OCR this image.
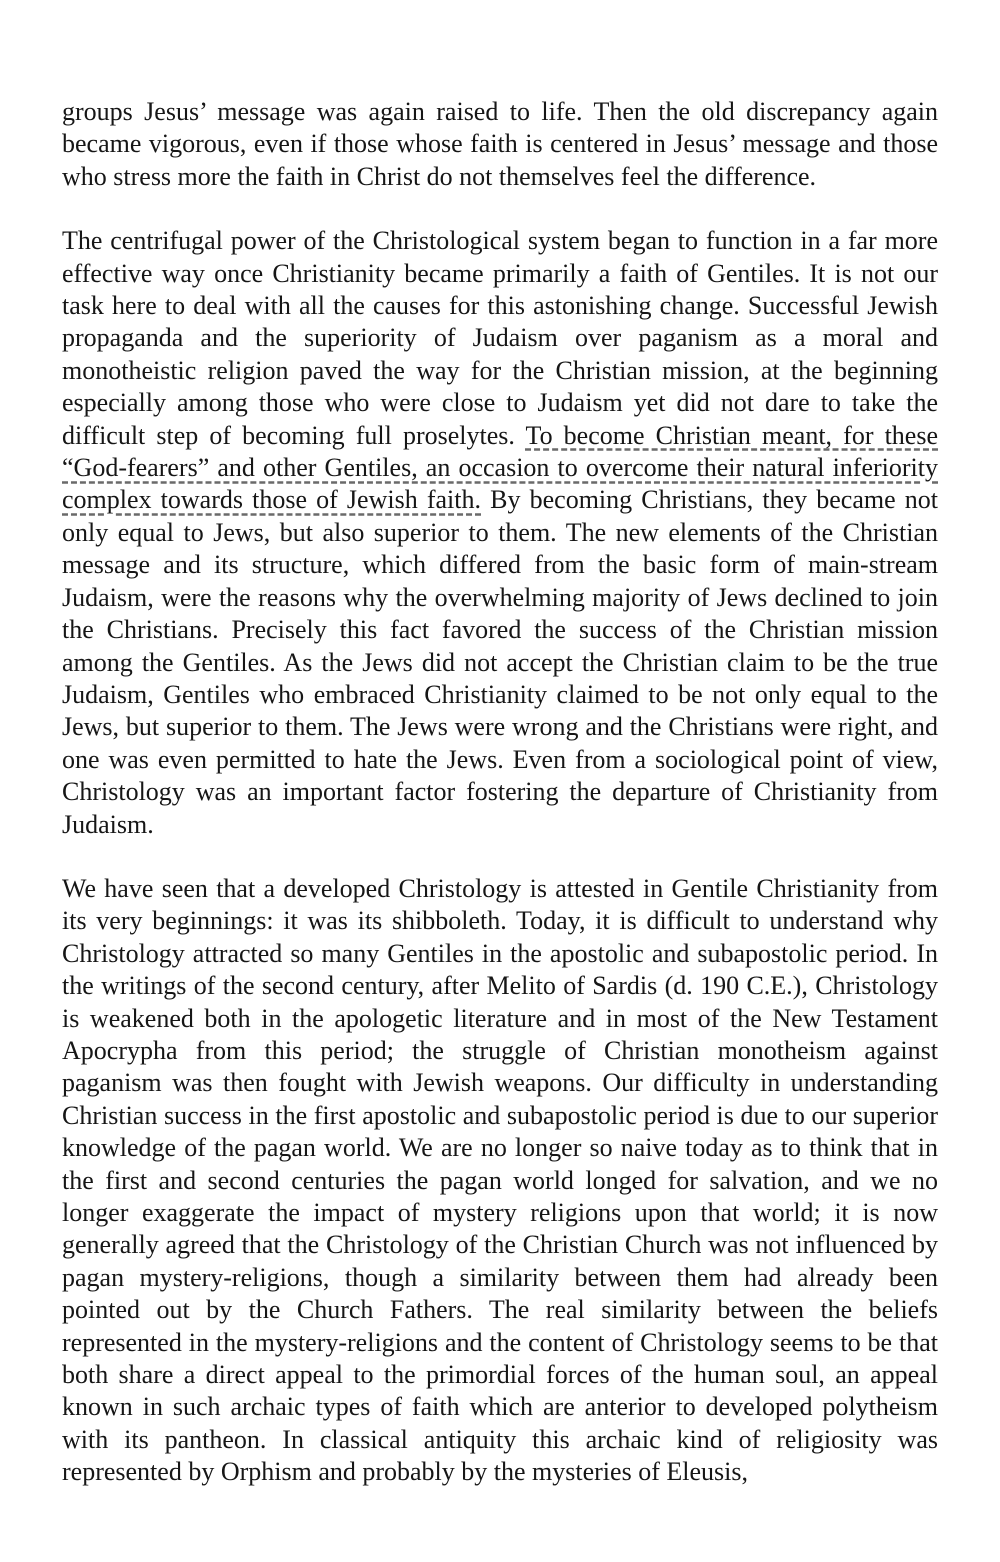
groups Jesus’ message was again raised to life. Then the old discrepancy again became vigorous, even if those whose faith is centered in Jesus’ message and those who stress more the faith in Christ do not themselves feel the difference.

The centrifugal power of the Christological system began to function in a far more effective way once Christianity became primarily a faith of Gentiles. It is not our task here to deal with all the causes for this astonishing change. Successful Jewish propaganda and the superiority of Judaism over paganism as a moral and monotheistic religion paved the way for the Christian mission, at the beginning especially among those who were close to Judaism yet did not dare to take the difficult step of becoming full proselytes. To become Christian meant, for these “God-fearers” and other Gentiles, an occasion to overcome their natural inferiority complex towards those of Jewish faith. By becoming Christians, they became not only equal to Jews, but also superior to them. The new elements of the Christian message and its structure, which differed from the basic form of main-stream Judaism, were the reasons why the overwhelming majority of Jews declined to join the Christians. Precisely this fact favored the success of the Christian mission among the Gentiles. As the Jews did not accept the Christian claim to be the true Judaism, Gentiles who embraced Christianity claimed to be not only equal to the Jews, but superior to them. The Jews were wrong and the Christians were right, and one was even permitted to hate the Jews. Even from a sociological point of view, Christology was an important factor fostering the departure of Christianity from Judaism.

We have seen that a developed Christology is attested in Gentile Christianity from its very beginnings: it was its shibboleth. Today, it is difficult to understand why Christology attracted so many Gentiles in the apostolic and subapostolic period. In the writings of the second century, after Melito of Sardis (d. 190 C.E.), Christology is weakened both in the apologetic literature and in most of the New Testament Apocrypha from this period; the struggle of Christian monotheism against paganism was then fought with Jewish weapons. Our difficulty in understanding Christian success in the first apostolic and subapostolic period is due to our superior knowledge of the pagan world. We are no longer so naive today as to think that in the first and second centuries the pagan world longed for salvation, and we no longer exaggerate the impact of mystery religions upon that world; it is now generally agreed that the Christology of the Christian Church was not influenced by pagan mystery-religions, though a similarity between them had already been pointed out by the Church Fathers. The real similarity between the beliefs represented in the mystery-religions and the content of Christology seems to be that both share a direct appeal to the primordial forces of the human soul, an appeal known in such archaic types of faith which are anterior to developed polytheism with its pantheon. In classical antiquity this archaic kind of religiosity was represented by Orphism and probably by the mysteries of Eleusis,
